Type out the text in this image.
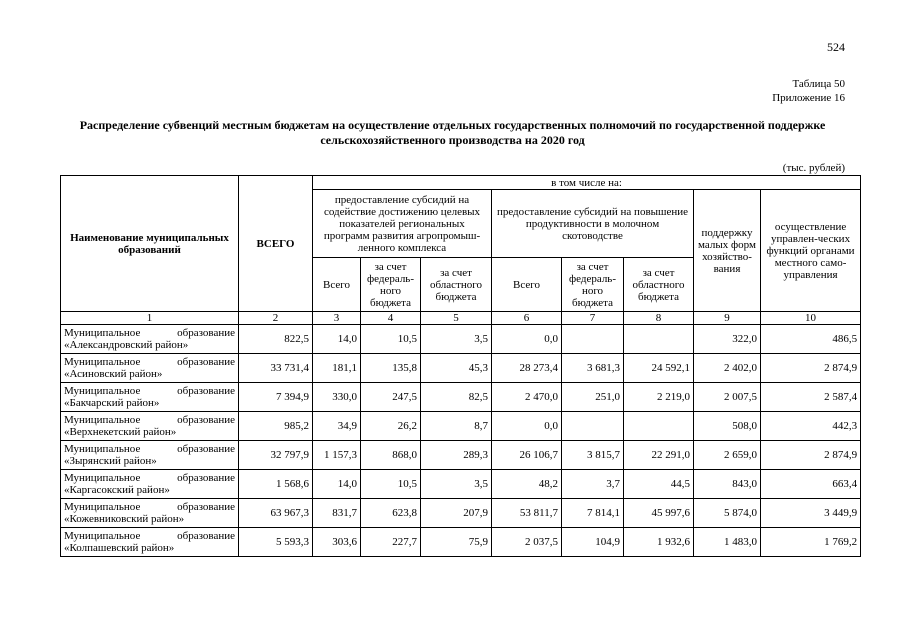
524
Таблица 50
Приложение 16
Распределение субвенций местным бюджетам на осуществление отдельных государственных полномочий по государственной поддержке сельскохозяйственного производства на 2020 год
(тыс. рублей)
Наименование муниципальных образований	ВСЕГО	в том числе на:							
		предоставление субсидий на содействие достижению целевых показателей региональных программ развития агропромыш-ленного комплекса			предоставление субсидий на повышение продуктивности в молочном скотоводстве			поддержку малых форм хозяйство-вания	осуществление управлен-ческих функций органами местного само-управления
		Всего	за счет федераль-ного бюджета	за счет областного бюджета	Всего	за счет федераль-ного бюджета	за счет областного бюджета		
1	2	3	4	5	6	7	8	9	10

Муниципальное образование
«Александровский район»	822,5	14,0	10,5	3,5	0,0			322,0	486,5

Муниципальное образование
«Асиновский район»	33 731,4	181,1	135,8	45,3	28 273,4	3 681,3	24 592,1	2 402,0	2 874,9

Муниципальное образование
«Бакчарский район»	7 394,9	330,0	247,5	82,5	2 470,0	251,0	2 219,0	2 007,5	2 587,4

Муниципальное образование
«Верхнекетский район»	985,2	34,9	26,2	8,7	0,0			508,0	442,3

Муниципальное образование
«Зырянский район»	32 797,9	1 157,3	868,0	289,3	26 106,7	3 815,7	22 291,0	2 659,0	2 874,9

Муниципальное образование
«Каргасокский район»	1 568,6	14,0	10,5	3,5	48,2	3,7	44,5	843,0	663,4

Муниципальное образование
«Кожевниковский район»	63 967,3	831,7	623,8	207,9	53 811,7	7 814,1	45 997,6	5 874,0	3 449,9

Муниципальное образование
«Колпашевский район»	5 593,3	303,6	227,7	75,9	2 037,5	104,9	1 932,6	1 483,0	1 769,2
